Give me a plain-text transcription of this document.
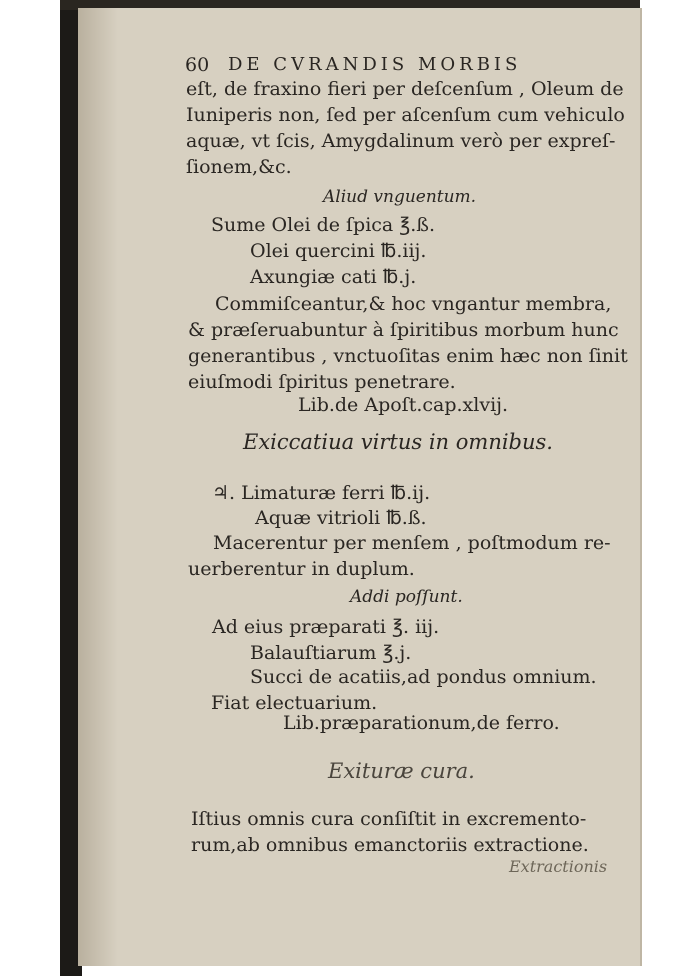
60 DE CVRANDIS MORBIS
eſt, de fraxino fieri per deſcenſum , Oleum de
Iuniperis non, ſed per aſcenſum cum vehiculo
aquæ, vt ſcis, Amygdalinum verò per expreſ-
ſionem,&c.
Aliud vnguentum.
Sume Olei de ſpica ℥.ß.
Olei quercini ℔.iij.
Axungiæ cati ℔.j.
Commiſceantur,& hoc vngantur membra,
& præſeruabuntur à ſpiritibus morbum hunc
generantibus , vnctuoſitas enim hæc non ſinit
eiuſmodi ſpiritus penetrare.
Lib.de Apoſt.cap.xlvij.
Exiccatiua virtus in omnibus.
♃. Limaturæ ferri ℔.ij.
Aquæ vitrioli ℔.ß.
Macerentur per menſem , poſtmodum re-
uerberentur in duplum.
Addi poſſunt.
Ad eius præparati ℥. iij.
Balauſtiarum ℥.j.
Succi de acatiis,ad pondus omnium.
Fiat electuarium.
Lib.præparationum,de ferro.
Exituræ cura.
Iſtius omnis cura conſiſtit in excremento-
rum,ab omnibus emanctoriis extractione.
Extractionis
